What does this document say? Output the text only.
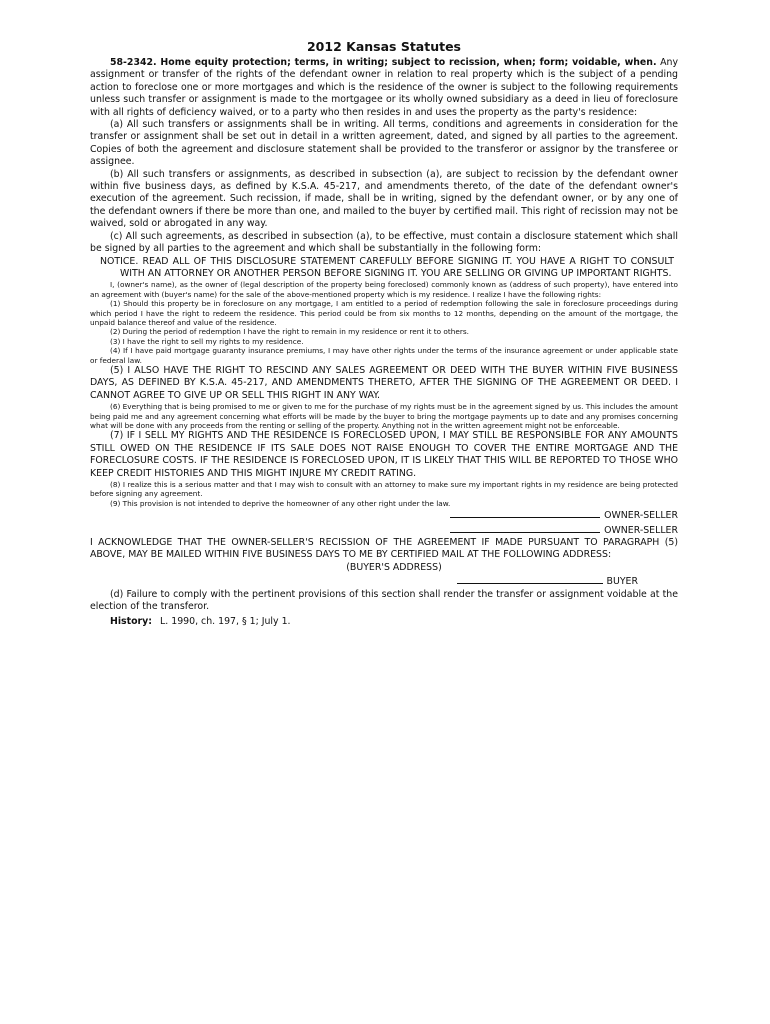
2012 Kansas Statutes

58-2342. Home equity protection; terms, in writing; subject to recission, when; form; voidable, when. Any assignment or transfer of the rights of the defendant owner in relation to real property which is the subject of a pending action to foreclose one or more mortgages and which is the residence of the owner is subject to the following requirements unless such transfer or assignment is made to the mortgagee or its wholly owned subsidiary as a deed in lieu of foreclosure with all rights of deficiency waived, or to a party who then resides in and uses the property as the party's residence:

(a) All such transfers or assignments shall be in writing. All terms, conditions and agreements in consideration for the transfer or assignment shall be set out in detail in a written agreement, dated, and signed by all parties to the agreement. Copies of both the agreement and disclosure statement shall be provided to the transferor or assignor by the transferee or assignee.

(b) All such transfers or assignments, as described in subsection (a), are subject to recission by the defendant owner within five business days, as defined by K.S.A. 45-217, and amendments thereto, of the date of the defendant owner's execution of the agreement. Such recission, if made, shall be in writing, signed by the defendant owner, or by any one of the defendant owners if there be more than one, and mailed to the buyer by certified mail. This right of recission may not be waived, sold or abrogated in any way.

(c) All such agreements, as described in subsection (a), to be effective, must contain a disclosure statement which shall be signed by all parties to the agreement and which shall be substantially in the following form:

NOTICE. READ ALL OF THIS DISCLOSURE STATEMENT CAREFULLY BEFORE SIGNING IT. YOU HAVE A RIGHT TO CONSULT WITH AN ATTORNEY OR ANOTHER PERSON BEFORE SIGNING IT. YOU ARE SELLING OR GIVING UP IMPORTANT RIGHTS.

I, (owner's name), as the owner of (legal description of the property being foreclosed) commonly known as (address of such property), have entered into an agreement with (buyer's name) for the sale of the above-mentioned property which is my residence. I realize I have the following rights:

(1) Should this property be in foreclosure on any mortgage, I am entitled to a period of redemption following the sale in foreclosure proceedings during which period I have the right to redeem the residence. This period could be from six months to 12 months, depending on the amount of the mortgage, the unpaid balance thereof and value of the residence.

(2) During the period of redemption I have the right to remain in my residence or rent it to others.

(3) I have the right to sell my rights to my residence.

(4) If I have paid mortgage guaranty insurance premiums, I may have other rights under the terms of the insurance agreement or under applicable state or federal law.

(5) I ALSO HAVE THE RIGHT TO RESCIND ANY SALES AGREEMENT OR DEED WITH THE BUYER WITHIN FIVE BUSINESS DAYS, AS DEFINED BY K.S.A. 45-217, AND AMENDMENTS THERETO, AFTER THE SIGNING OF THE AGREEMENT OR DEED. I CANNOT AGREE TO GIVE UP OR SELL THIS RIGHT IN ANY WAY.

(6) Everything that is being promised to me or given to me for the purchase of my rights must be in the agreement signed by us. This includes the amount being paid me and any agreement concerning what efforts will be made by the buyer to bring the mortgage payments up to date and any promises concerning what will be done with any proceeds from the renting or selling of the property. Anything not in the written agreement might not be enforceable.

(7) IF I SELL MY RIGHTS AND THE RESIDENCE IS FORECLOSED UPON, I MAY STILL BE RESPONSIBLE FOR ANY AMOUNTS STILL OWED ON THE RESIDENCE IF ITS SALE DOES NOT RAISE ENOUGH TO COVER THE ENTIRE MORTGAGE AND THE FORECLOSURE COSTS. IF THE RESIDENCE IS FORECLOSED UPON, IT IS LIKELY THAT THIS WILL BE REPORTED TO THOSE WHO KEEP CREDIT HISTORIES AND THIS MIGHT INJURE MY CREDIT RATING.

(8) I realize this is a serious matter and that I may wish to consult with an attorney to make sure my important rights in my residence are being protected before signing any agreement.

(9) This provision is not intended to deprive the homeowner of any other right under the law.

OWNER-SELLER
OWNER-SELLER

I ACKNOWLEDGE THAT THE OWNER-SELLER'S RECISSION OF THE AGREEMENT IF MADE PURSUANT TO PARAGRAPH (5) ABOVE, MAY BE MAILED WITHIN FIVE BUSINESS DAYS TO ME BY CERTIFIED MAIL AT THE FOLLOWING ADDRESS:

(BUYER'S ADDRESS)
BUYER

(d) Failure to comply with the pertinent provisions of this section shall render the transfer or assignment voidable at the election of the transferor.

History: L. 1990, ch. 197, § 1; July 1.
